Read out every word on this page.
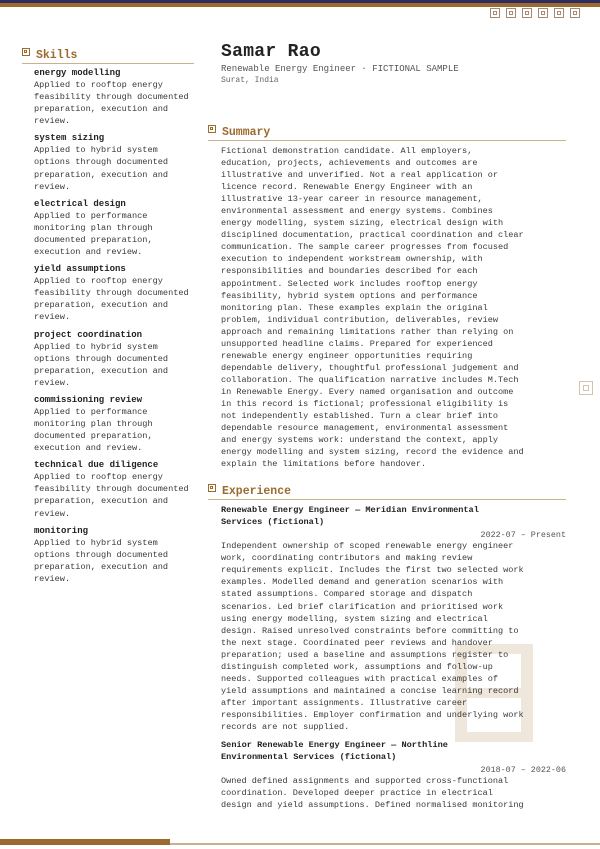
Skills
energy modelling
Applied to rooftop energy feasibility through documented preparation, execution and review.
system sizing
Applied to hybrid system options through documented preparation, execution and review.
electrical design
Applied to performance monitoring plan through documented preparation, execution and review.
yield assumptions
Applied to rooftop energy feasibility through documented preparation, execution and review.
project coordination
Applied to hybrid system options through documented preparation, execution and review.
commissioning review
Applied to performance monitoring plan through documented preparation, execution and review.
technical due diligence
Applied to rooftop energy feasibility through documented preparation, execution and review.
monitoring
Applied to hybrid system options through documented preparation, execution and review.
Samar Rao
Renewable Energy Engineer · FICTIONAL SAMPLE
Surat, India
Summary
Fictional demonstration candidate. All employers,
education, projects, achievements and outcomes are
illustrative and unverified. Not a real application or
licence record. Renewable Energy Engineer with an
illustrative 13-year career in resource management,
environmental assessment and energy systems. Combines
energy modelling, system sizing, electrical design with
disciplined documentation, practical coordination and clear
communication. The sample career progresses from focused
execution to independent workstream ownership, with
responsibilities and boundaries described for each
appointment. Selected work includes rooftop energy
feasibility, hybrid system options and performance
monitoring plan. These examples explain the original
problem, individual contribution, deliverables, review
approach and remaining limitations rather than relying on
unsupported headline claims. Prepared for experienced
renewable energy engineer opportunities requiring
dependable delivery, thoughtful professional judgement and
collaboration. The qualification narrative includes M.Tech
in Renewable Energy. Every named organisation and outcome
in this record is fictional; professional eligibility is
not independently established. Turn a clear brief into
dependable resource management, environmental assessment
and energy systems work: understand the context, apply
energy modelling and system sizing, record the evidence and
explain the limitations before handover.
Experience
Renewable Energy Engineer — Meridian Environmental
Services (fictional)
2022-07 – Present
Independent ownership of scoped renewable energy engineer
work, coordinating contributors and making review
requirements explicit. Includes the first two selected work
examples. Modelled demand and generation scenarios with
stated assumptions. Compared storage and dispatch
scenarios. Led brief clarification and prioritised work
using energy modelling, system sizing and electrical
design. Raised unresolved constraints before committing to
the next stage. Coordinated peer reviews and handover
preparation; used a baseline and assumptions register to
distinguish completed work, assumptions and follow-up
needs. Supported colleagues with practical examples of
yield assumptions and maintained a concise learning record
after important assignments. Illustrative career
responsibilities. Employer confirmation and underlying work
records are not supplied.
Senior Renewable Energy Engineer — Northline
Environmental Services (fictional)
2018-07 – 2022-06
Owned defined assignments and supported cross-functional
coordination. Developed deeper practice in electrical
design and yield assumptions. Defined normalised monitoring
